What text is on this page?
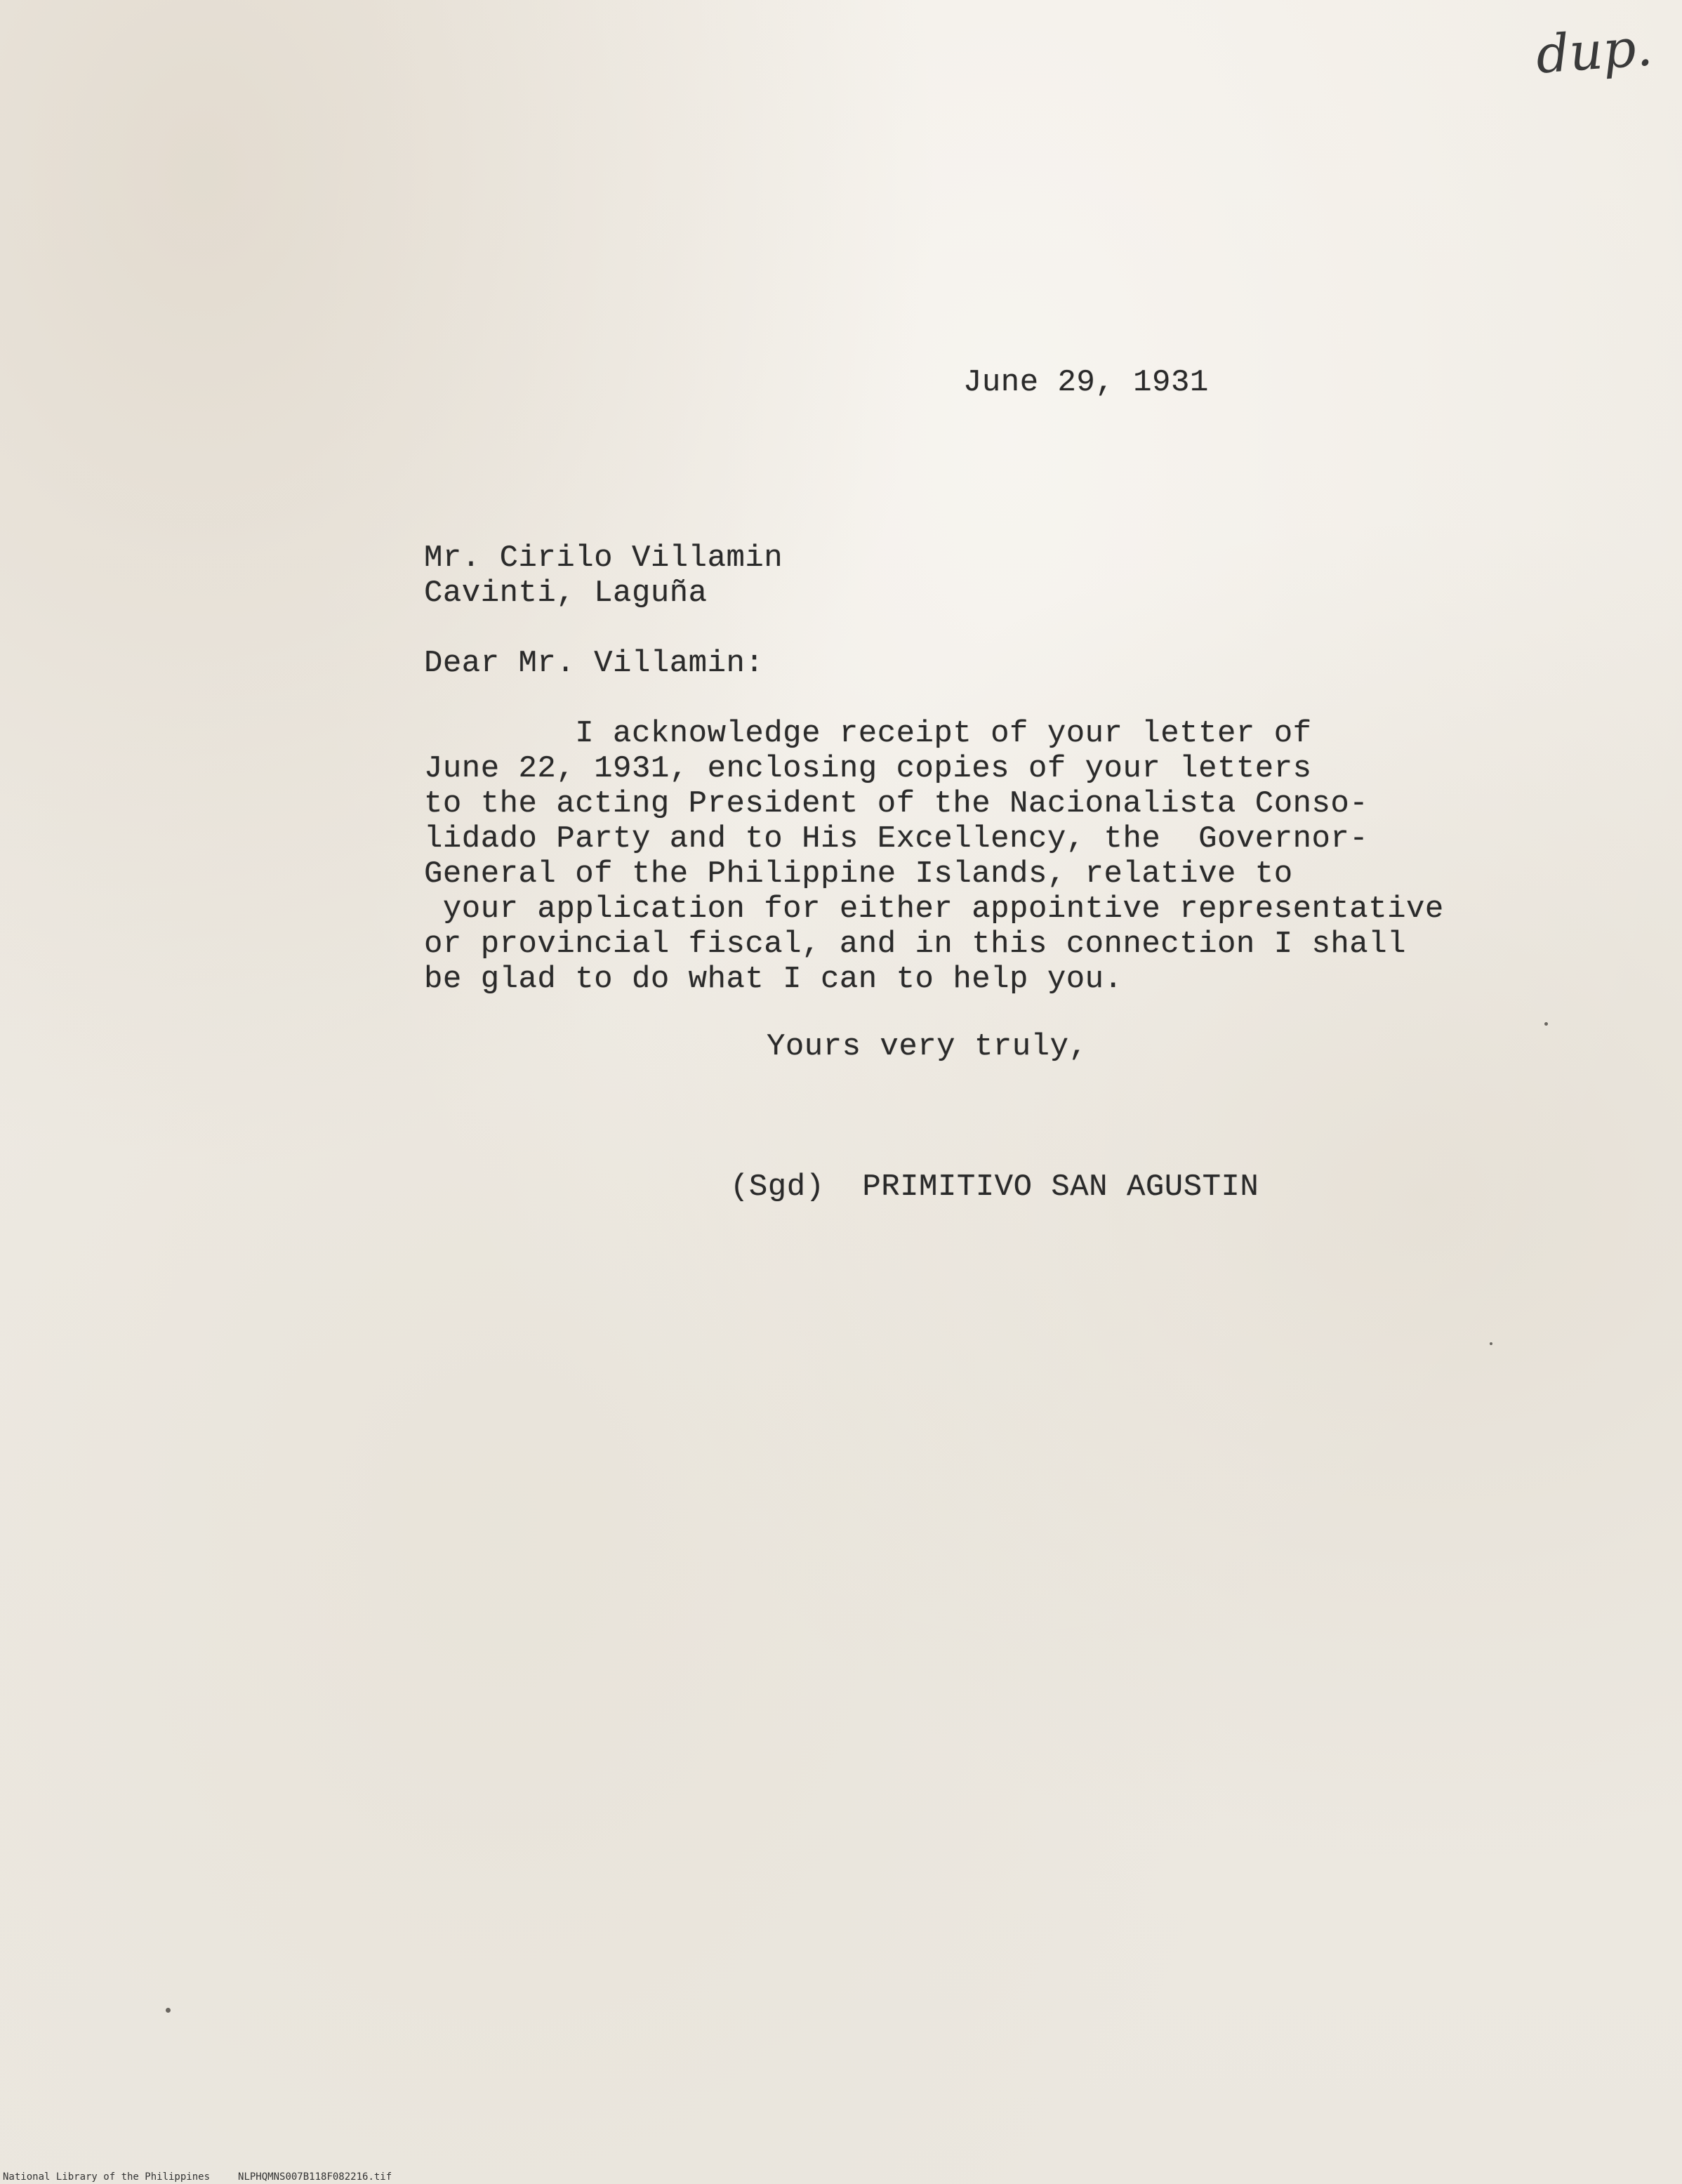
dup.

June 29, 1931

Mr. Cirilo Villamin
Cavinti, Laguña

Dear Mr. Villamin:

I acknowledge receipt of your letter of
June 22, 1931, enclosing copies of your letters
to the acting President of the Nacionalista Conso-
lidado Party and to His Excellency, the  Governor-
General of the Philippine Islands, relative to
your application for either appointive representative
or provincial fiscal, and in this connection I shall
be glad to do what I can to help you.

Yours very truly,

(Sgd)  PRIMITIVO SAN AGUSTIN

National Library of the Philippines	NLPHQMNS007B118F082216.tif
